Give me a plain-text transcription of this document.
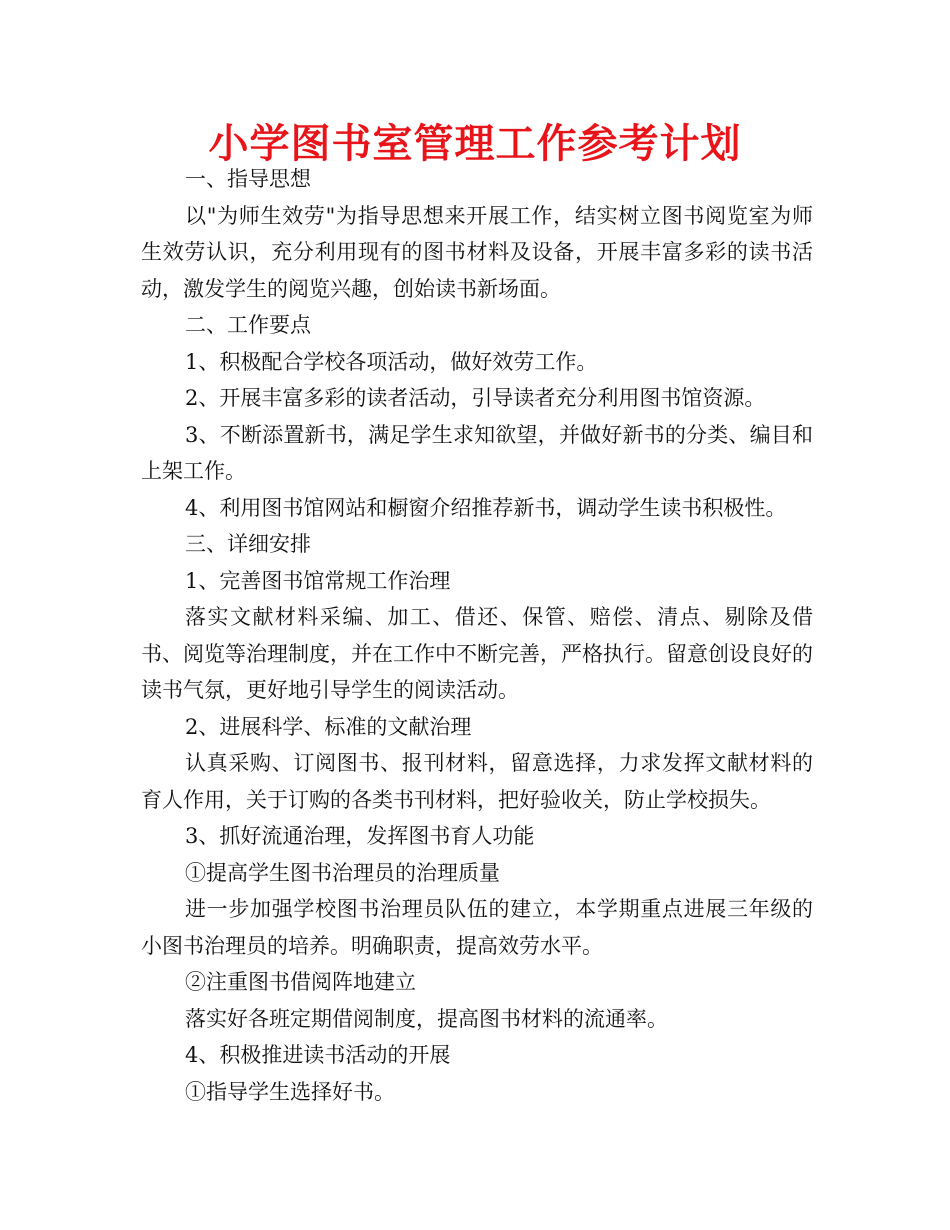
小学图书室管理工作参考计划

一、指导思想

以"为师生效劳"为指导思想来开展工作，结实树立图书阅览室为师生效劳认识，充分利用现有的图书材料及设备，开展丰富多彩的读书活动，激发学生的阅览兴趣，创始读书新场面。

二、工作要点

1、积极配合学校各项活动，做好效劳工作。

2、开展丰富多彩的读者活动，引导读者充分利用图书馆资源。

3、不断添置新书，满足学生求知欲望，并做好新书的分类、编目和上架工作。

4、利用图书馆网站和橱窗介绍推荐新书，调动学生读书积极性。

三、详细安排

1、完善图书馆常规工作治理

落实文献材料采编、加工、借还、保管、赔偿、清点、剔除及借书、阅览等治理制度，并在工作中不断完善，严格执行。留意创设良好的读书气氛，更好地引导学生的阅读活动。

2、进展科学、标准的文献治理

认真采购、订阅图书、报刊材料，留意选择，力求发挥文献材料的育人作用，关于订购的各类书刊材料，把好验收关，防止学校损失。

3、抓好流通治理，发挥图书育人功能

①提高学生图书治理员的治理质量

进一步加强学校图书治理员队伍的建立，本学期重点进展三年级的小图书治理员的培养。明确职责，提高效劳水平。

②注重图书借阅阵地建立

落实好各班定期借阅制度，提高图书材料的流通率。

4、积极推进读书活动的开展

①指导学生选择好书。
